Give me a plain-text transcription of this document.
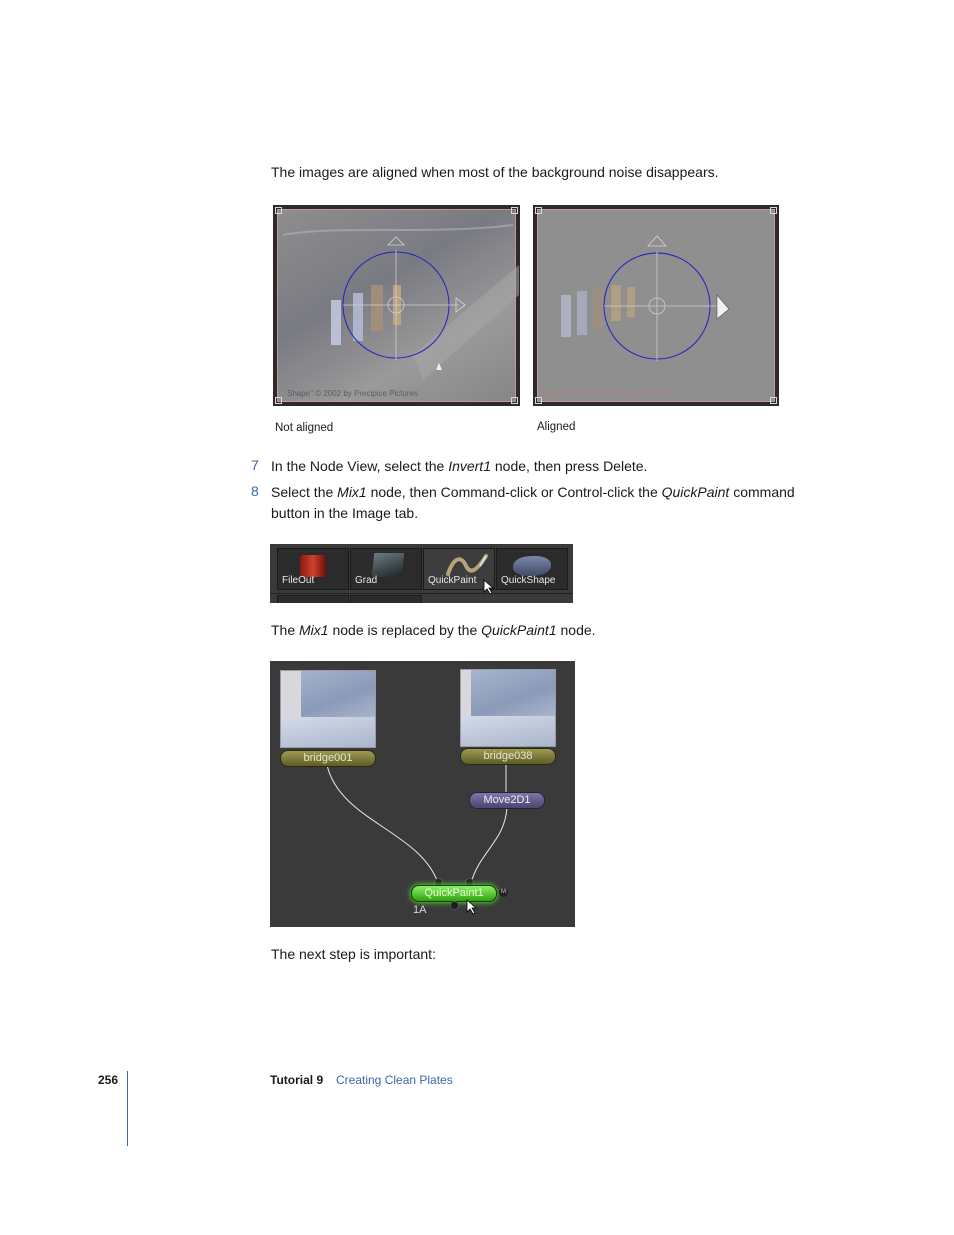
The images are aligned when most of the background noise disappears.
Shape" © 2002 by Precipice Pictures	Shape" © 2002 by Precipice Pictures
Not aligned	Aligned
7 In the Node View, select the Invert1 node, then press Delete.
8 Select the Mix1 node, then Command-click or Control-click the QuickPaint command button in the Image tab.
FileOut	Grad	QuickPaint QuickShape
The Mix1 node is replaced by the QuickPaint1 node.
bridge001	bridge038
Move2D1
QuickPaint1	M
1A
The next step is important:
256	Tutorial 9 Creating Clean Plates
